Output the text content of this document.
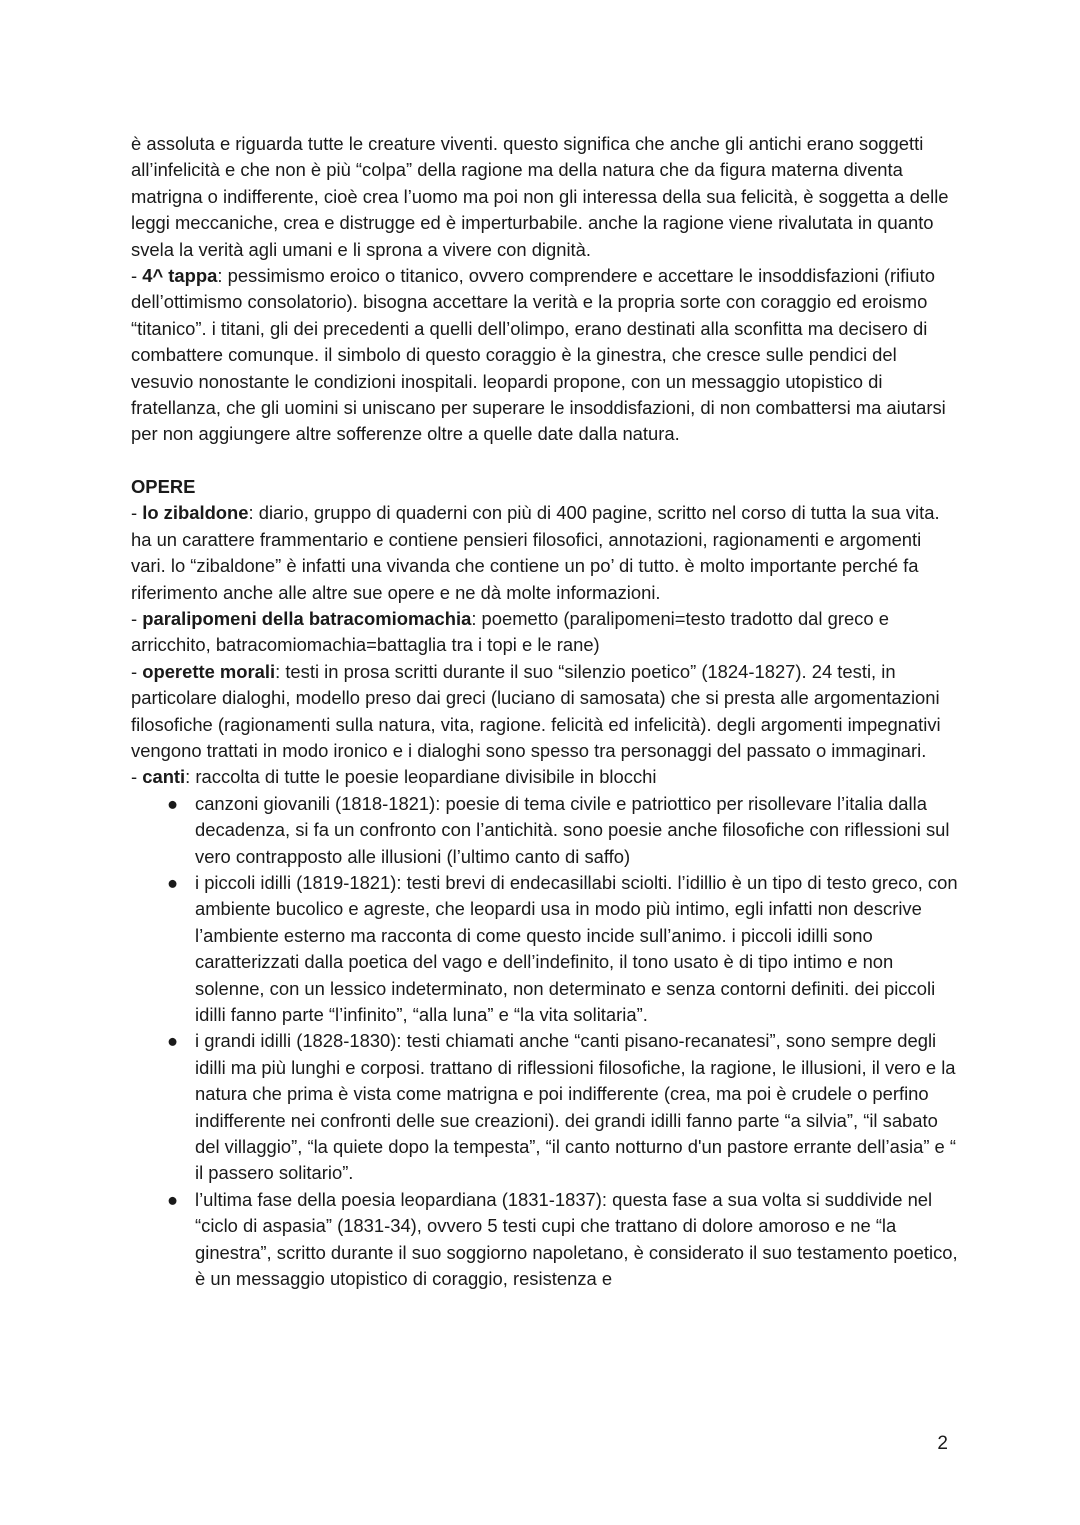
è assoluta e riguarda tutte le creature viventi. questo significa che anche gli antichi erano soggetti all’infelicità e che non è più “colpa” della ragione ma della natura che da figura materna diventa matrigna o indifferente, cioè crea l’uomo ma poi non gli interessa della sua felicità, è soggetta a delle leggi meccaniche, crea e distrugge ed è imperturbabile. anche la ragione viene rivalutata in quanto svela la verità agli umani e li sprona a vivere con dignità.

- 4^ tappa: pessimismo eroico o titanico, ovvero comprendere e accettare le insoddisfazioni (rifiuto dell’ottimismo consolatorio). bisogna accettare la verità e la propria sorte con coraggio ed eroismo “titanico”. i titani, gli dei precedenti a quelli dell’olimpo, erano destinati alla sconfitta ma decisero di combattere comunque. il simbolo di questo coraggio è la ginestra, che cresce sulle pendici del vesuvio nonostante le condizioni inospitali. leopardi propone, con un messaggio utopistico di fratellanza, che gli uomini si uniscano per superare le insoddisfazioni, di non combattersi ma aiutarsi per non aggiungere altre sofferenze oltre a quelle date dalla natura.

OPERE

- lo zibaldone: diario, gruppo di quaderni con più di 400 pagine, scritto nel corso di tutta la sua vita. ha un carattere frammentario e contiene pensieri filosofici, annotazioni, ragionamenti e argomenti vari. lo “zibaldone” è infatti una vivanda che contiene un po’ di tutto. è molto importante perché fa riferimento anche alle altre sue opere e ne dà molte informazioni.

- paralipomeni della batracomiomachia: poemetto (paralipomeni=testo tradotto dal greco e arricchito, batracomiomachia=battaglia tra i topi e le rane)

- operette morali: testi in prosa scritti durante il suo “silenzio poetico” (1824-1827). 24 testi, in particolare dialoghi, modello preso dai greci (luciano di samosata) che si presta alle argomentazioni filosofiche (ragionamenti sulla natura, vita, ragione. felicità ed infelicità). degli argomenti impegnativi vengono trattati in modo ironico e i dialoghi sono spesso tra personaggi del passato o immaginari.

- canti: raccolta di tutte le poesie leopardiane divisibile in blocchi

● canzoni giovanili (1818-1821): poesie di tema civile e patriottico per risollevare l’italia dalla decadenza, si fa un confronto con l’antichità. sono poesie anche filosofiche con riflessioni sul vero contrapposto alle illusioni (l’ultimo canto di saffo)
● i piccoli idilli (1819-1821): testi brevi di endecasillabi sciolti. l’idillio è un tipo di testo greco, con ambiente bucolico e agreste, che leopardi usa in modo più intimo, egli infatti non descrive l’ambiente esterno ma racconta di come questo incide sull’animo. i piccoli idilli sono caratterizzati dalla poetica del vago e dell’indefinito, il tono usato è di tipo intimo e non solenne, con un lessico indeterminato, non determinato e senza contorni definiti. dei piccoli idilli fanno parte “l’infinito”, “alla luna” e “la vita solitaria”.
● i grandi idilli (1828-1830): testi chiamati anche “canti pisano-recanatesi”, sono sempre degli idilli ma più lunghi e corposi. trattano di riflessioni filosofiche, la ragione, le illusioni, il vero e la natura che prima è vista come matrigna e poi indifferente (crea, ma poi è crudele o perfino indifferente nei confronti delle sue creazioni). dei grandi idilli fanno parte “a silvia”, “il sabato del villaggio”, “la quiete dopo la tempesta”, “il canto notturno d'un pastore errante dell’asia” e “ il passero solitario”.
● l’ultima fase della poesia leopardiana (1831-1837): questa fase a sua volta si suddivide nel “ciclo di aspasia” (1831-34), ovvero 5 testi cupi che trattano di dolore amoroso e ne “la ginestra”, scritto durante il suo soggiorno napoletano, è considerato il suo testamento poetico, è un messaggio utopistico di coraggio, resistenza e
2
